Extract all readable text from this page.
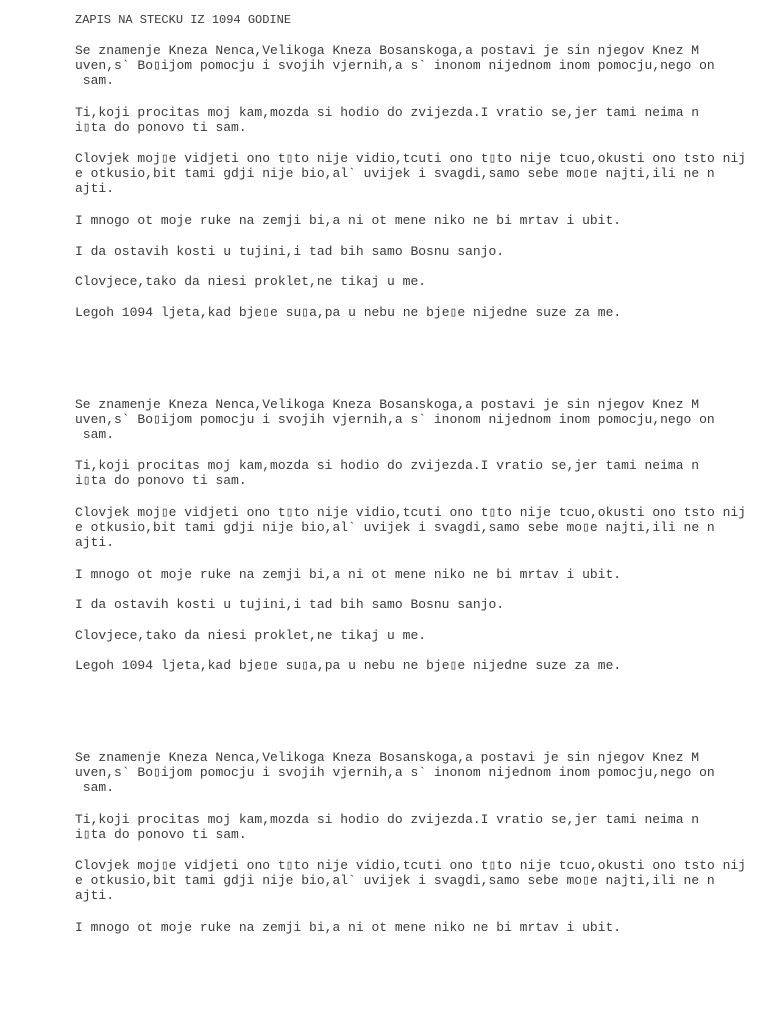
ZAPIS NA STECKU IZ 1094 GODINE

Se znamenje Kneza Nenca,Velikoga Kneza Bosanskoga,a postavi je sin njegov Knez M
uven,s` Bo▯ijom pomocju i svojih vjernih,a s` inonom nijednom inom pomocju,nego on
sam.

Ti,koji procitas moj kam,mozda si hodio do zvijezda.I vratio se,jer tami neima n
i▯ta do ponovo ti sam.

Clovjek moj▯e vidjeti ono t▯to nije vidio,tcuti ono t▯to nije tcuo,okusti ono tsto nij
e otkusio,bit tami gdji nije bio,al` uvijek i svagdi,samo sebe mo▯e najti,ili ne n
ajti.

I mnogo ot moje ruke na zemji bi,a ni ot mene niko ne bi mrtav i ubit.

I da ostavih kosti u tujini,i tad bih samo Bosnu sanjo.

Clovjece,tako da niesi proklet,ne tikaj u me.

Legoh 1094 ljeta,kad bje▯e su▯a,pa u nebu ne bje▯e nijedne suze za me.

Se znamenje Kneza Nenca,Velikoga Kneza Bosanskoga,a postavi je sin njegov Knez M
uven,s` Bo▯ijom pomocju i svojih vjernih,a s` inonom nijednom inom pomocju,nego on
sam.

Ti,koji procitas moj kam,mozda si hodio do zvijezda.I vratio se,jer tami neima n
i▯ta do ponovo ti sam.

Clovjek moj▯e vidjeti ono t▯to nije vidio,tcuti ono t▯to nije tcuo,okusti ono tsto nij
e otkusio,bit tami gdji nije bio,al` uvijek i svagdi,samo sebe mo▯e najti,ili ne n
ajti.

I mnogo ot moje ruke na zemji bi,a ni ot mene niko ne bi mrtav i ubit.

I da ostavih kosti u tujini,i tad bih samo Bosnu sanjo.

Clovjece,tako da niesi proklet,ne tikaj u me.

Legoh 1094 ljeta,kad bje▯e su▯a,pa u nebu ne bje▯e nijedne suze za me.

Se znamenje Kneza Nenca,Velikoga Kneza Bosanskoga,a postavi je sin njegov Knez M
uven,s` Bo▯ijom pomocju i svojih vjernih,a s` inonom nijednom inom pomocju,nego on
sam.

Ti,koji procitas moj kam,mozda si hodio do zvijezda.I vratio se,jer tami neima n
i▯ta do ponovo ti sam.

Clovjek moj▯e vidjeti ono t▯to nije vidio,tcuti ono t▯to nije tcuo,okusti ono tsto nij
e otkusio,bit tami gdji nije bio,al` uvijek i svagdi,samo sebe mo▯e najti,ili ne n
ajti.

I mnogo ot moje ruke na zemji bi,a ni ot mene niko ne bi mrtav i ubit.
